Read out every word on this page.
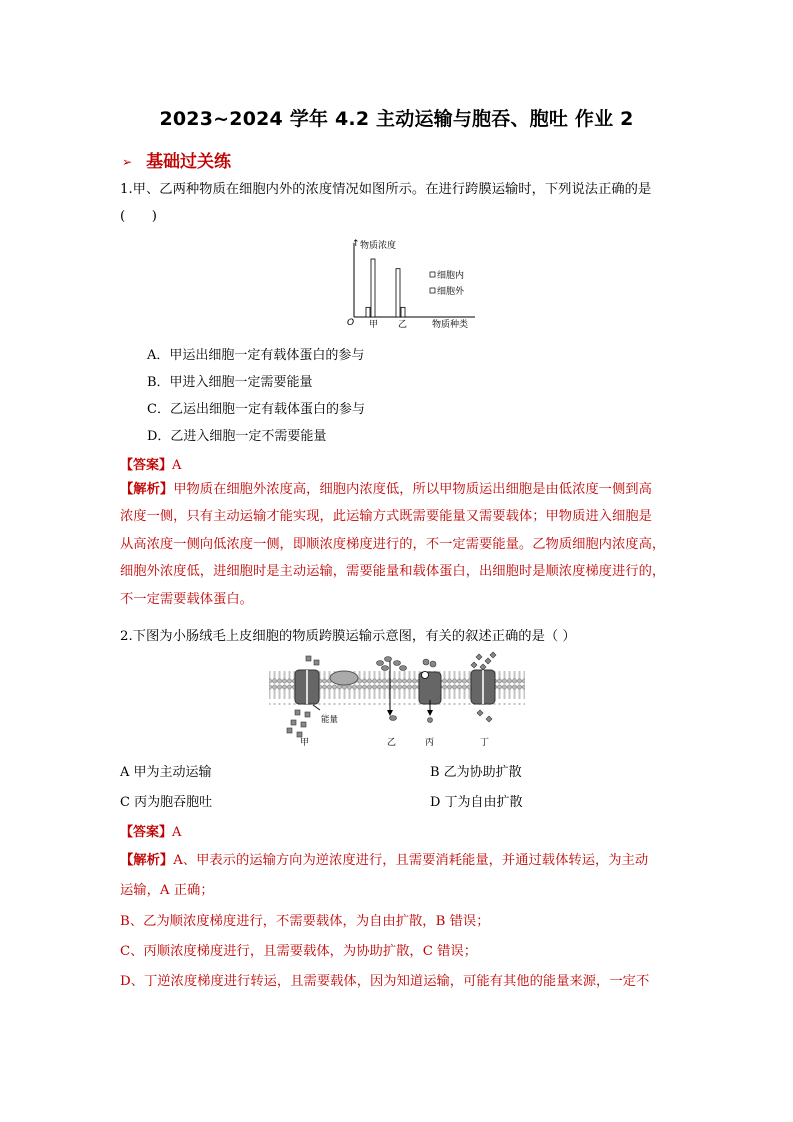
2023~2024 学年 4.2 主动运输与胞吞、胞吐 作业 2
➢ 基础过关练
1.甲、乙两种物质在细胞内外的浓度情况如图所示。在进行跨膜运输时，下列说法正确的是
(　　)
↑ 物质浓度
O 甲 乙	物质种类
细胞内
细胞外
A．甲运出细胞一定有载体蛋白的参与
B．甲进入细胞一定需要能量
C．乙运出细胞一定有载体蛋白的参与
D．乙进入细胞一定不需要能量
【答案】A
【解析】甲物质在细胞外浓度高，细胞内浓度低，所以甲物质运出细胞是由低浓度一侧到高
浓度一侧，只有主动运输才能实现，此运输方式既需要能量又需要载体；甲物质进入细胞是
从高浓度一侧向低浓度一侧，即顺浓度梯度进行的，不一定需要能量。乙物质细胞内浓度高，
细胞外浓度低，进细胞时是主动运输，需要能量和载体蛋白，出细胞时是顺浓度梯度进行的，
不一定需要载体蛋白。
2.下图为小肠绒毛上皮细胞的物质跨膜运输示意图，有关的叙述正确的是（ ）
能量
甲	乙	丙	丁
A 甲为主动运输	B 乙为协助扩散
C 丙为胞吞胞吐	D 丁为自由扩散
【答案】A
【解析】A、甲表示的运输方向为逆浓度进行，且需要消耗能量，并通过载体转运，为主动
运输，A 正确；
B、乙为顺浓度梯度进行，不需要载体，为自由扩散，B 错误；
C、丙顺浓度梯度进行，且需要载体，为协助扩散，C 错误；
D、丁逆浓度梯度进行转运，且需要载体，因为知道运输，可能有其他的能量来源，一定不
